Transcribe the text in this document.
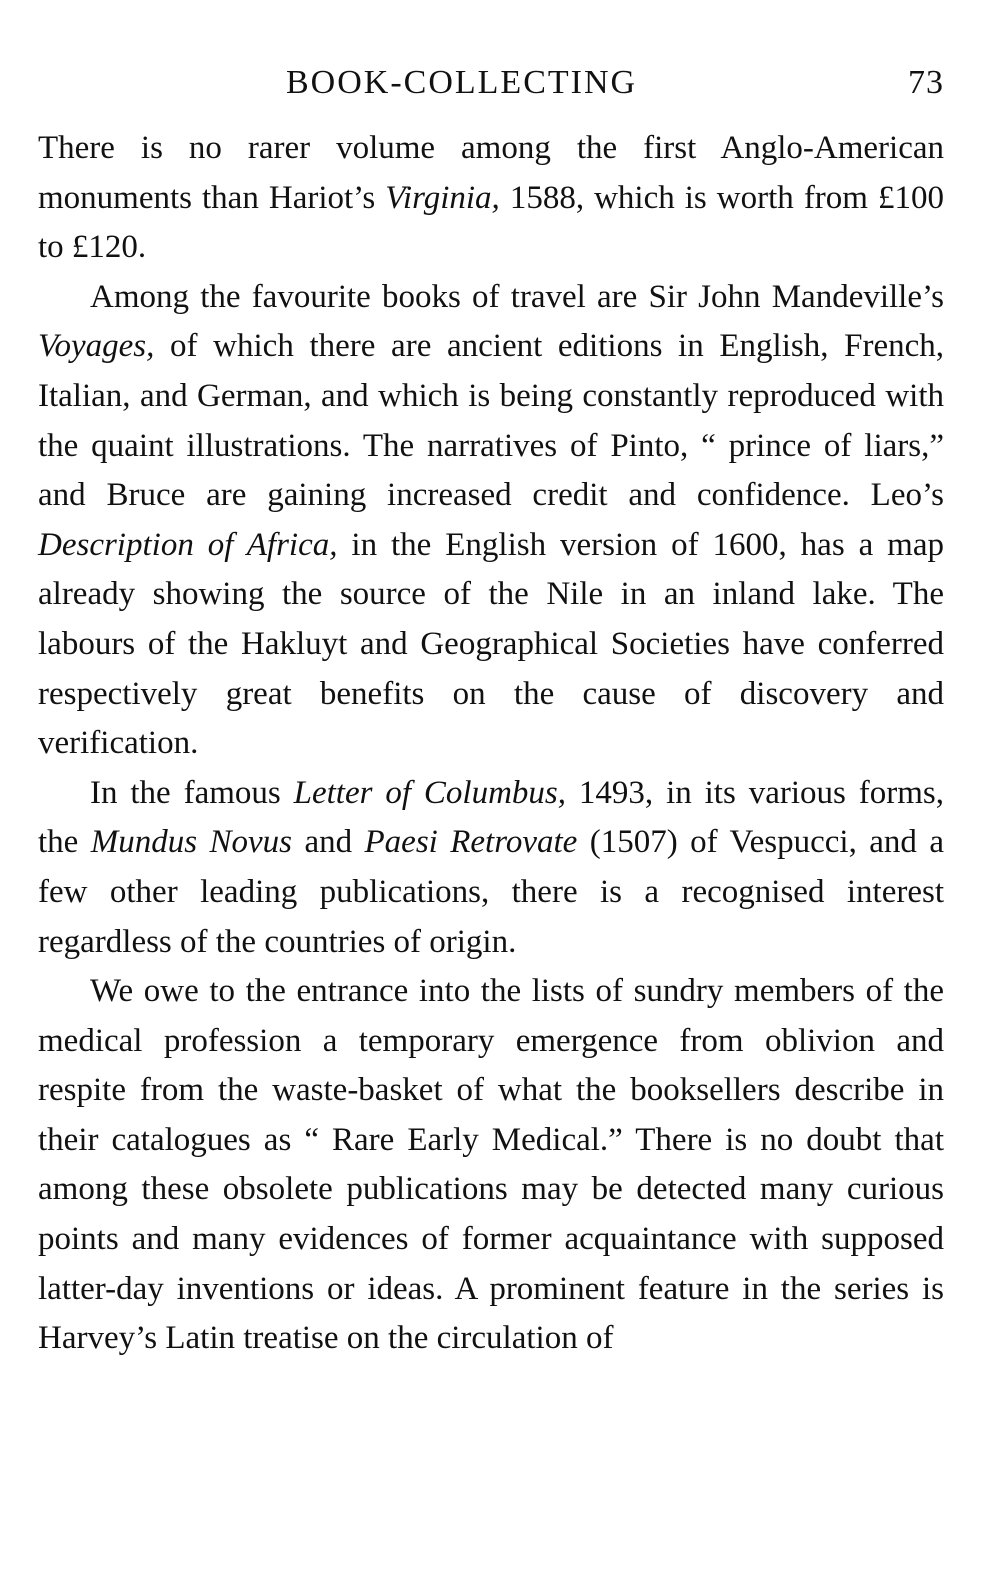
BOOK-COLLECTING	73

There is no rarer volume among the first Anglo-American monuments than Hariot’s Virginia, 1588, which is worth from £100 to £120.

Among the favourite books of travel are Sir John Mandeville’s Voyages, of which there are ancient editions in English, French, Italian, and German, and which is being constantly reproduced with the quaint illustrations. The narratives of Pinto, “ prince of liars,” and Bruce are gaining increased credit and confidence. Leo’s Description of Africa, in the English version of 1600, has a map already showing the source of the Nile in an inland lake. The labours of the Hakluyt and Geographical Societies have conferred respectively great benefits on the cause of discovery and verification.

In the famous Letter of Columbus, 1493, in its various forms, the Mundus Novus and Paesi Retrovate (1507) of Vespucci, and a few other leading publications, there is a recognised interest regardless of the countries of origin.

We owe to the entrance into the lists of sundry members of the medical profession a temporary emergence from oblivion and respite from the waste-basket of what the booksellers describe in their catalogues as “ Rare Early Medical.” There is no doubt that among these obsolete publications may be detected many curious points and many evidences of former acquaintance with supposed latter-day inventions or ideas. A prominent feature in the series is Harvey’s Latin treatise on the circulation of
